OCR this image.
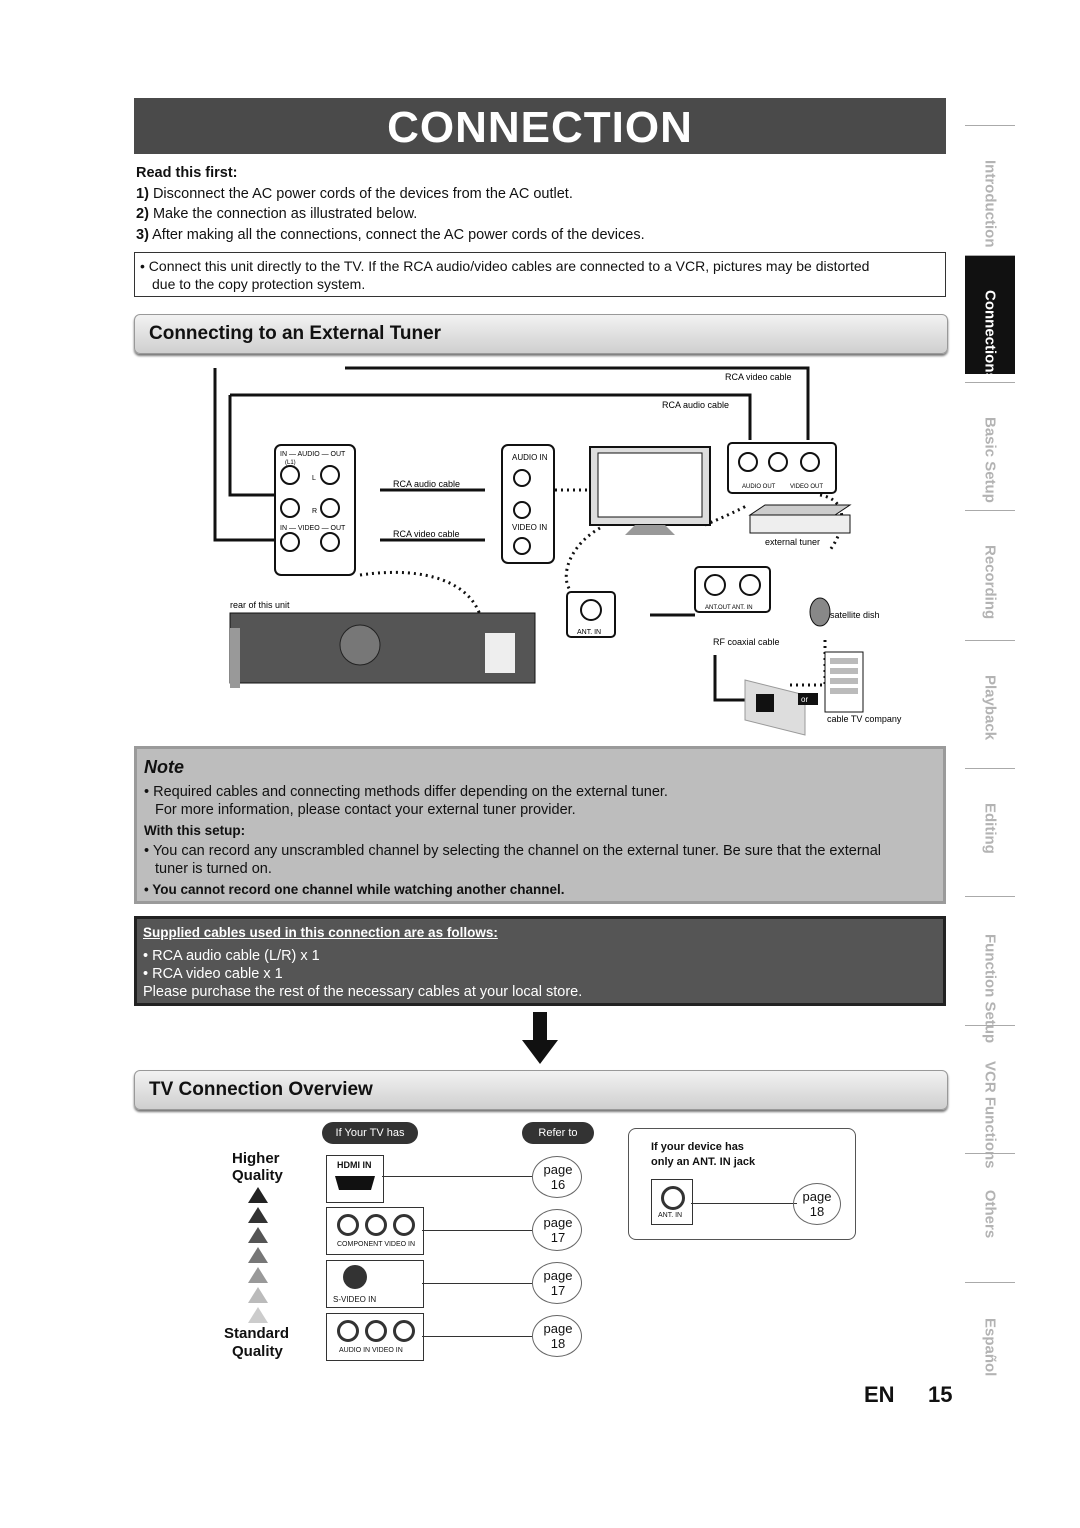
CONNECTION
Read this first:
1) Disconnect the AC power cords of the devices from the AC outlet.
2) Make the connection as illustrated below.
3) After making all the connections, connect the AC power cords of the devices.
• Connect this unit directly to the TV. If the RCA audio/video cables are connected to a VCR, pictures may be distorted
due to the copy protection system.
Connecting to an External Tuner
IN — AUDIO — OUT
(L1)
IN — VIDEO — OUT
RCA audio cable
RCA video cable
AUDIO IN
VIDEO IN
AUDIO OUT VIDEO OUT
RCA video cable
RCA audio cable
external tuner
rear of this unit
ANT. IN
ANT.OUT ANT. IN
RF coaxial cable
satellite dish
or
cable TV company
L
R
Note
• Required cables and connecting methods differ depending on the external tuner.
For more information, please contact your external tuner provider.
With this setup:
• You can record any unscrambled channel by selecting the channel on the external tuner. Be sure that the external
tuner is turned on.
• You cannot record one channel while watching another channel.
Supplied cables used in this connection are as follows:
• RCA audio cable (L/R) x 1
• RCA video cable x 1
Please purchase the rest of the necessary cables at your local store.
TV Connection Overview
If Your TV has	Refer to
Higher
Quality
Standard
Quality
HDMI IN	page
16
COMPONENT VIDEO IN
page
17
S-VIDEO IN
page
17
AUDIO IN VIDEO IN
page
18
If your device has
only an ANT. IN jack
ANT. IN
page
18
Introduction
Connections
Basic Setup
Recording
Playback
Editing
Function Setup
VCR Functions
Others
Español
EN 15
